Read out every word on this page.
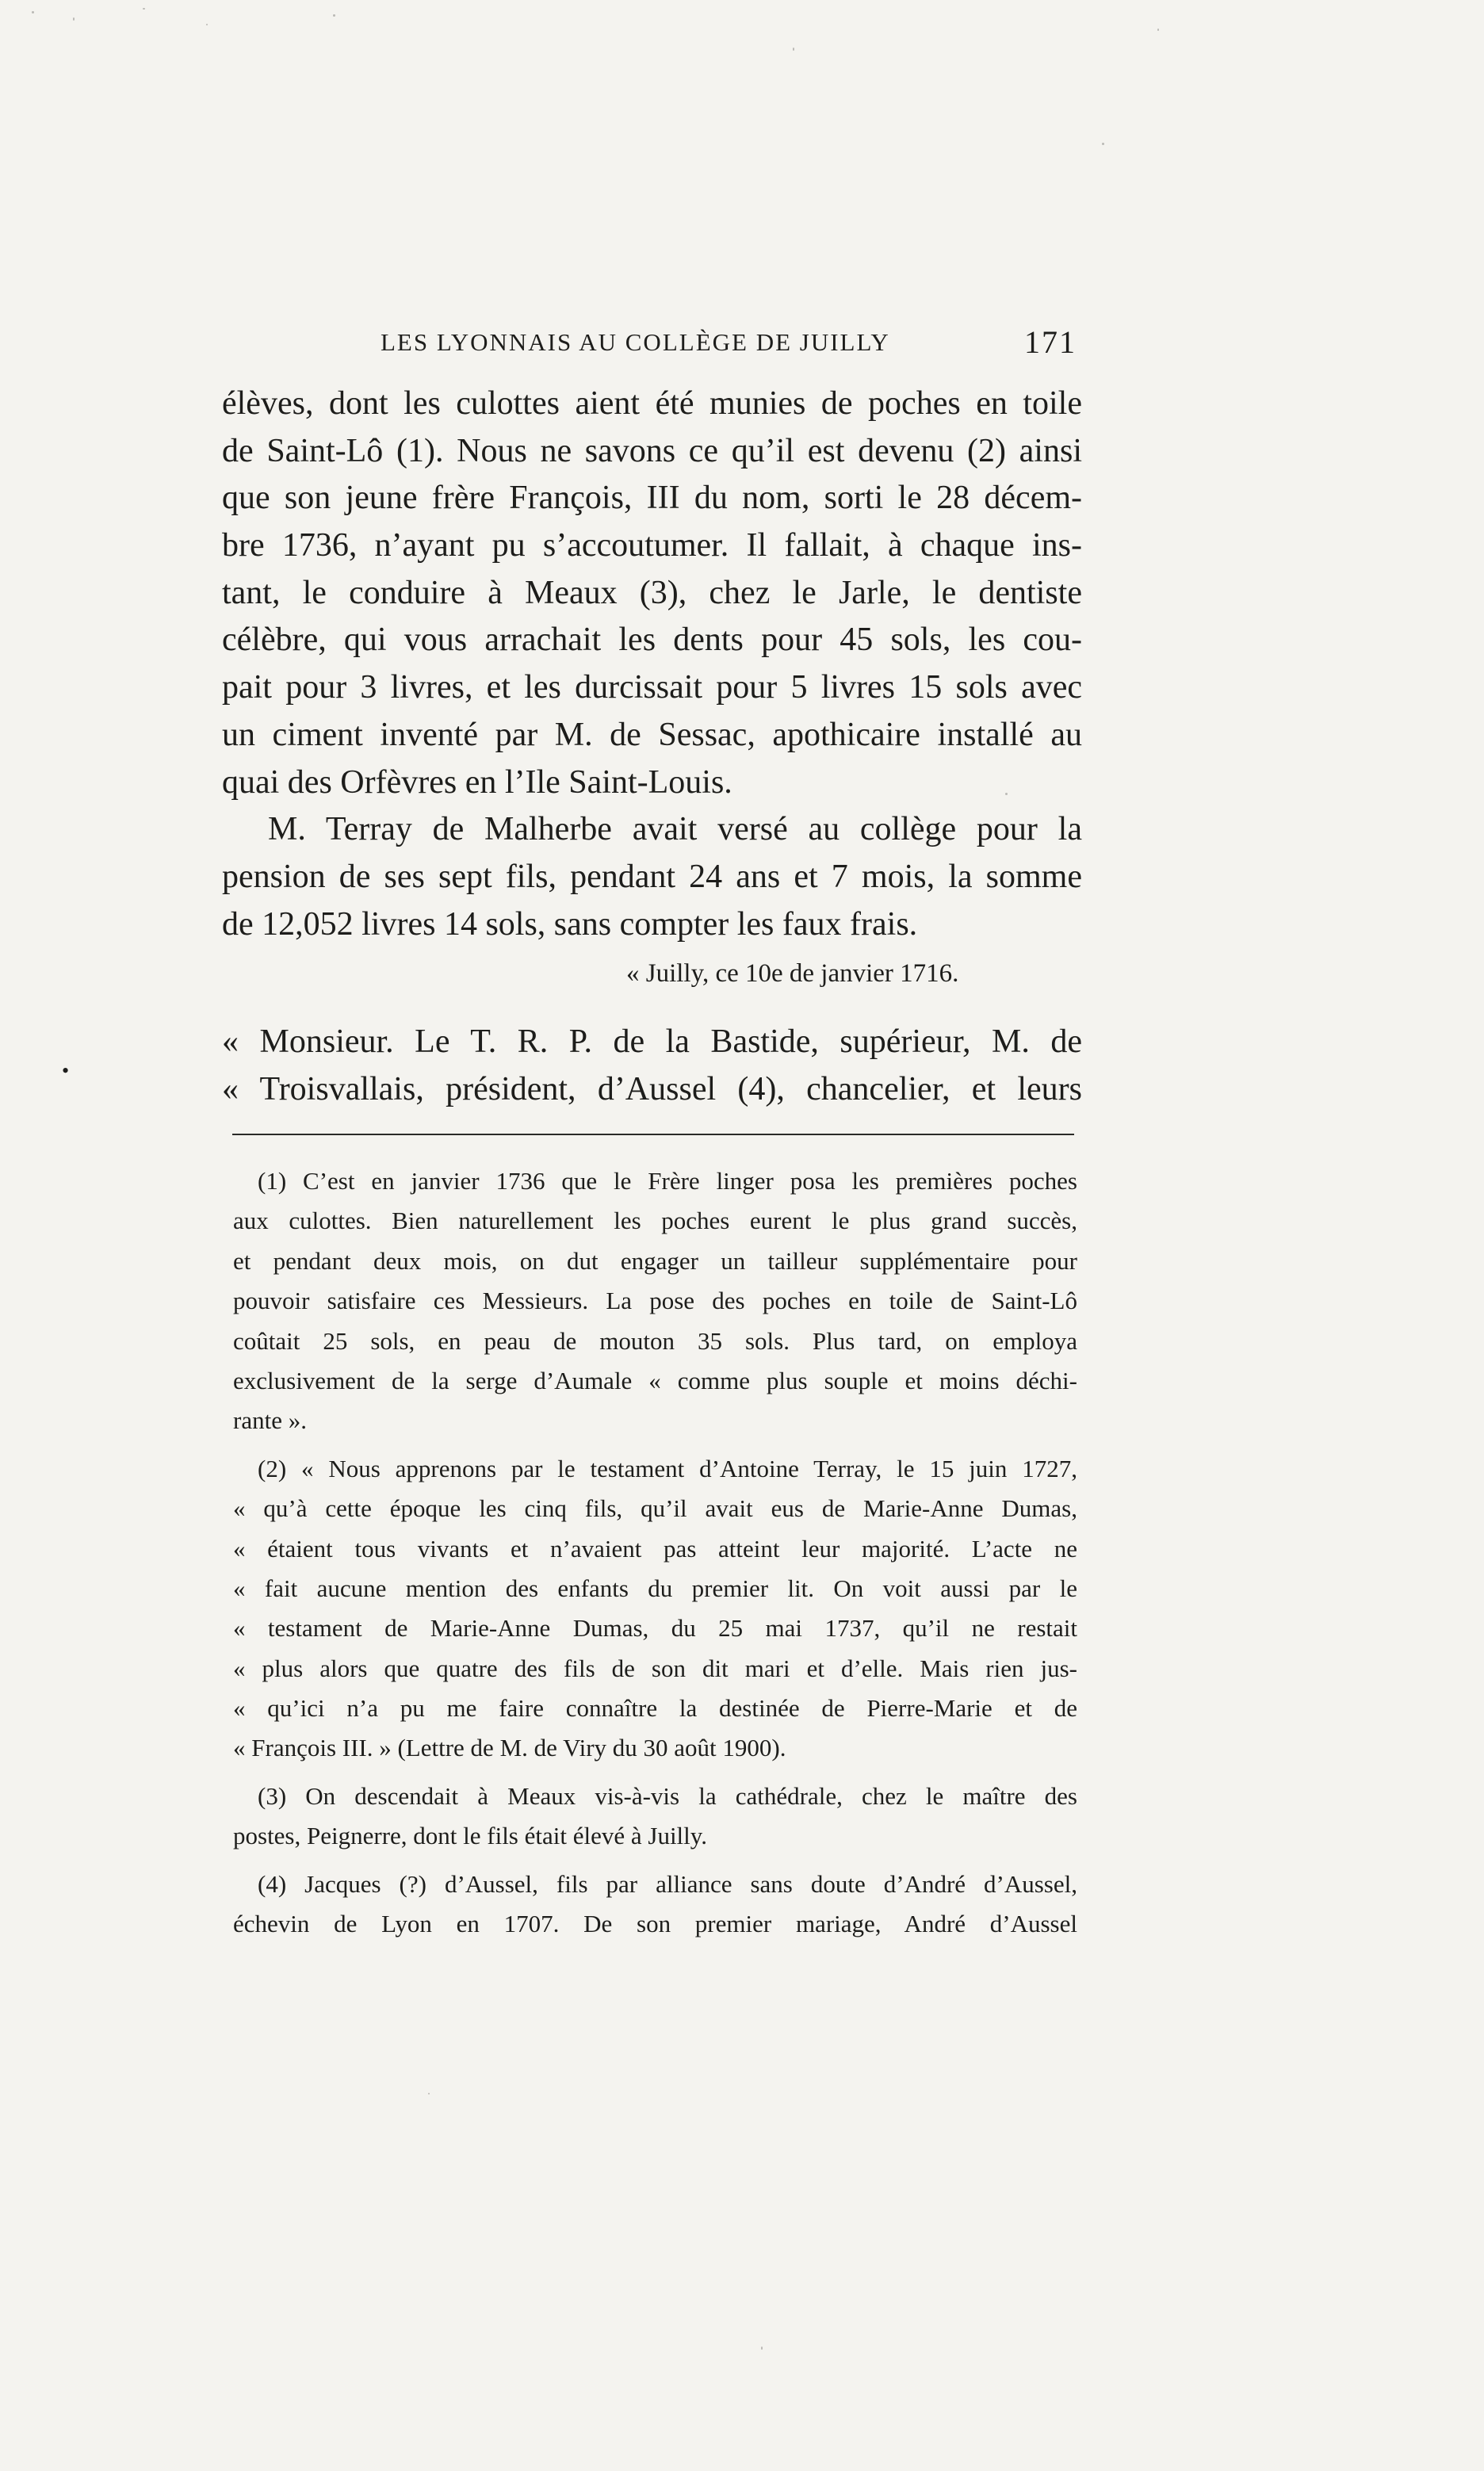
LES LYONNAIS AU COLLÈGE DE JUILLY	171
élèves, dont les culottes aient été munies de poches en toile
de Saint-Lô (1). Nous ne savons ce qu’il est devenu (2) ainsi
que son jeune frère François, III du nom, sorti le 28 décem-
bre 1736, n’ayant pu s’accoutumer. Il fallait, à chaque ins-
tant, le conduire à Meaux (3), chez le Jarle, le dentiste
célèbre, qui vous arrachait les dents pour 45 sols, les cou-
pait pour 3 livres, et les durcissait pour 5 livres 15 sols avec
un ciment inventé par M. de Sessac, apothicaire installé au
quai des Orfèvres en l’Ile Saint-Louis.
M. Terray de Malherbe avait versé au collège pour la
pension de ses sept fils, pendant 24 ans et 7 mois, la somme
de 12,052 livres 14 sols, sans compter les faux frais.
« Juilly, ce 10e de janvier 1716.
•
« Monsieur. Le T. R. P. de la Bastide, supérieur, M. de
« Troisvallais, président, d’Aussel (4), chancelier, et leurs
(1) C’est en janvier 1736 que le Frère linger posa les premières poches
aux culottes. Bien naturellement les poches eurent le plus grand succès,
et pendant deux mois, on dut engager un tailleur supplémentaire pour
pouvoir satisfaire ces Messieurs. La pose des poches en toile de Saint-Lô
coûtait 25 sols, en peau de mouton 35 sols. Plus tard, on employa
exclusivement de la serge d’Aumale « comme plus souple et moins déchi-
rante ».
(2) « Nous apprenons par le testament d’Antoine Terray, le 15 juin 1727,
« qu’à cette époque les cinq fils, qu’il avait eus de Marie-Anne Dumas,
« étaient tous vivants et n’avaient pas atteint leur majorité. L’acte ne
« fait aucune mention des enfants du premier lit. On voit aussi par le
« testament de Marie-Anne Dumas, du 25 mai 1737, qu’il ne restait
« plus alors que quatre des fils de son dit mari et d’elle. Mais rien jus-
« qu’ici n’a pu me faire connaître la destinée de Pierre-Marie et de
« François III. » (Lettre de M. de Viry du 30 août 1900).
(3) On descendait à Meaux vis-à-vis la cathédrale, chez le maître des
postes, Peignerre, dont le fils était élevé à Juilly.
(4) Jacques (?) d’Aussel, fils par alliance sans doute d’André d’Aussel,
échevin de Lyon en 1707. De son premier mariage, André d’Aussel
